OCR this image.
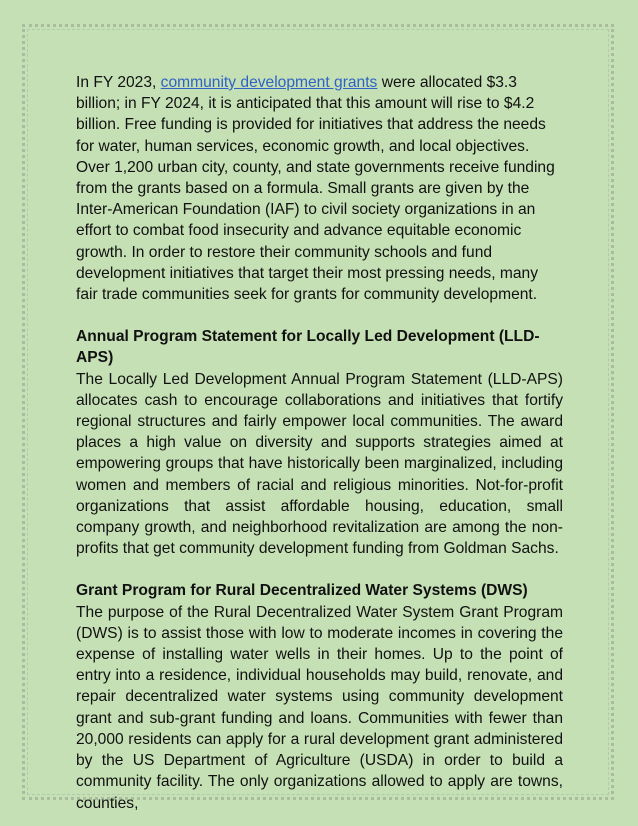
In FY 2023, community development grants were allocated $3.3 billion; in FY 2024, it is anticipated that this amount will rise to $4.2 billion. Free funding is provided for initiatives that address the needs for water, human services, economic growth, and local objectives. Over 1,200 urban city, county, and state governments receive funding from the grants based on a formula. Small grants are given by the Inter-American Foundation (IAF) to civil society organizations in an effort to combat food insecurity and advance equitable economic growth. In order to restore their community schools and fund development initiatives that target their most pressing needs, many fair trade communities seek for grants for community development.

Annual Program Statement for Locally Led Development (LLD-APS)

The Locally Led Development Annual Program Statement (LLD-APS) allocates cash to encourage collaborations and initiatives that fortify regional structures and fairly empower local communities. The award places a high value on diversity and supports strategies aimed at empowering groups that have historically been marginalized, including women and members of racial and religious minorities. Not-for-profit organizations that assist affordable housing, education, small company growth, and neighborhood revitalization are among the non-profits that get community development funding from Goldman Sachs.

Grant Program for Rural Decentralized Water Systems (DWS)

The purpose of the Rural Decentralized Water System Grant Program (DWS) is to assist those with low to moderate incomes in covering the expense of installing water wells in their homes. Up to the point of entry into a residence, individual households may build, renovate, and repair decentralized water systems using community development grant and sub-grant funding and loans. Communities with fewer than 20,000 residents can apply for a rural development grant administered by the US Department of Agriculture (USDA) in order to build a community facility. The only organizations allowed to apply are towns, counties,
